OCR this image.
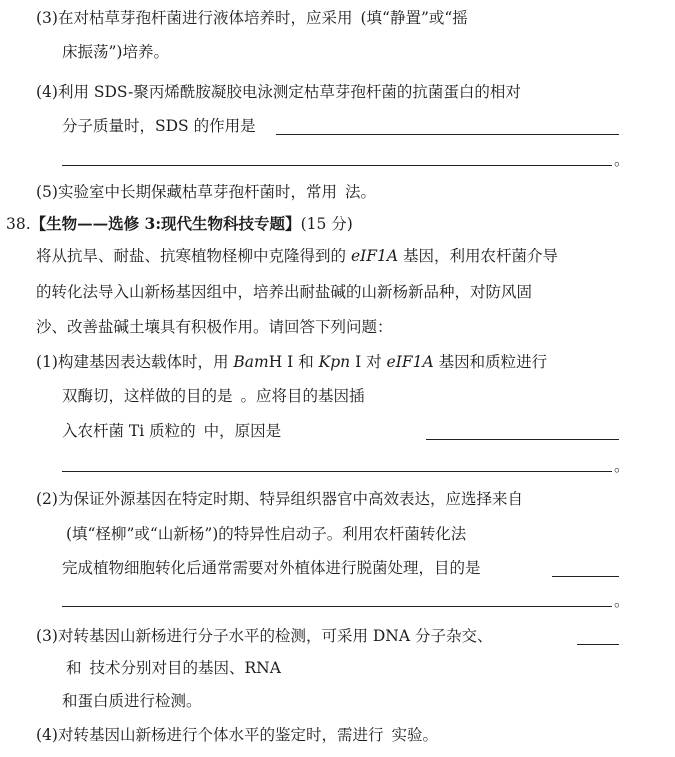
(3)在对枯草芽孢杆菌进行液体培养时，应采用 (填“静置”或“摇
床振荡”)培养。
(4)利用 SDS-聚丙烯酰胺凝胶电泳测定枯草芽孢杆菌的抗菌蛋白的相对
分子质量时，SDS 的作用是
。
(5)实验室中长期保藏枯草芽孢杆菌时，常用 法。
38.【生物——选修 3:现代生物科技专题】(15 分)
将从抗旱、耐盐、抗寒植物柽柳中克隆得到的 eIF1A 基因，利用农杆菌介导
的转化法导入山新杨基因组中，培养出耐盐碱的山新杨新品种，对防风固
沙、改善盐碱土壤具有积极作用。请回答下列问题：
(1)构建基因表达载体时，用 BamH Ⅰ 和 Kpn Ⅰ 对 eIF1A 基因和质粒进行
双酶切，这样做的目的是 。应将目的基因插
入农杆菌 Ti 质粒的 中，原因是
。
(2)为保证外源基因在特定时期、特异组织器官中高效表达，应选择来自
(填“柽柳”或“山新杨”)的特异性启动子。利用农杆菌转化法
完成植物细胞转化后通常需要对外植体进行脱菌处理，目的是
。
(3)对转基因山新杨进行分子水平的检测，可采用 DNA 分子杂交、
和 技术分别对目的基因、RNA
和蛋白质进行检测。
(4)对转基因山新杨进行个体水平的鉴定时，需进行 实验。
